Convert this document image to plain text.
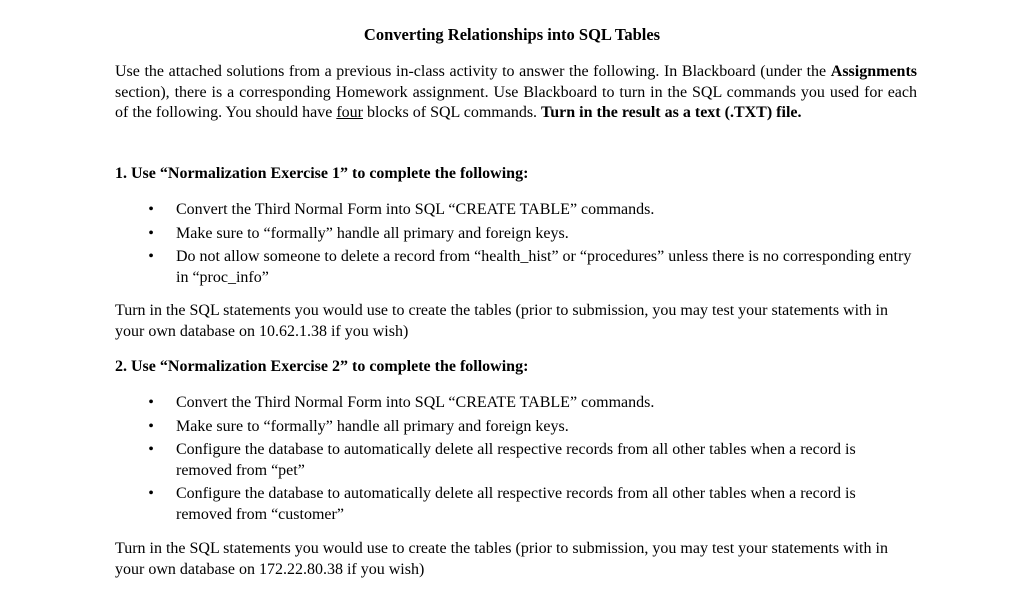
Converting Relationships into SQL Tables

Use the attached solutions from a previous in-class activity to answer the following. In Blackboard (under the Assignments section), there is a corresponding Homework assignment. Use Blackboard to turn in the SQL commands you used for each of the following. You should have four blocks of SQL commands. Turn in the result as a text (.TXT) file.

1. Use “Normalization Exercise 1” to complete the following:
• Convert the Third Normal Form into SQL “CREATE TABLE” commands.
• Make sure to “formally” handle all primary and foreign keys.
• Do not allow someone to delete a record from “health_hist” or “procedures” unless there is no corresponding entry in “proc_info”
Turn in the SQL statements you would use to create the tables (prior to submission, you may test your statements with in your own database on 10.62.1.38 if you wish)
2. Use “Normalization Exercise 2” to complete the following:
• Convert the Third Normal Form into SQL “CREATE TABLE” commands.
• Make sure to “formally” handle all primary and foreign keys.
• Configure the database to automatically delete all respective records from all other tables when a record is removed from “pet”
• Configure the database to automatically delete all respective records from all other tables when a record is removed from “customer”
Turn in the SQL statements you would use to create the tables (prior to submission, you may test your statements with in your own database on 172.22.80.38 if you wish)
